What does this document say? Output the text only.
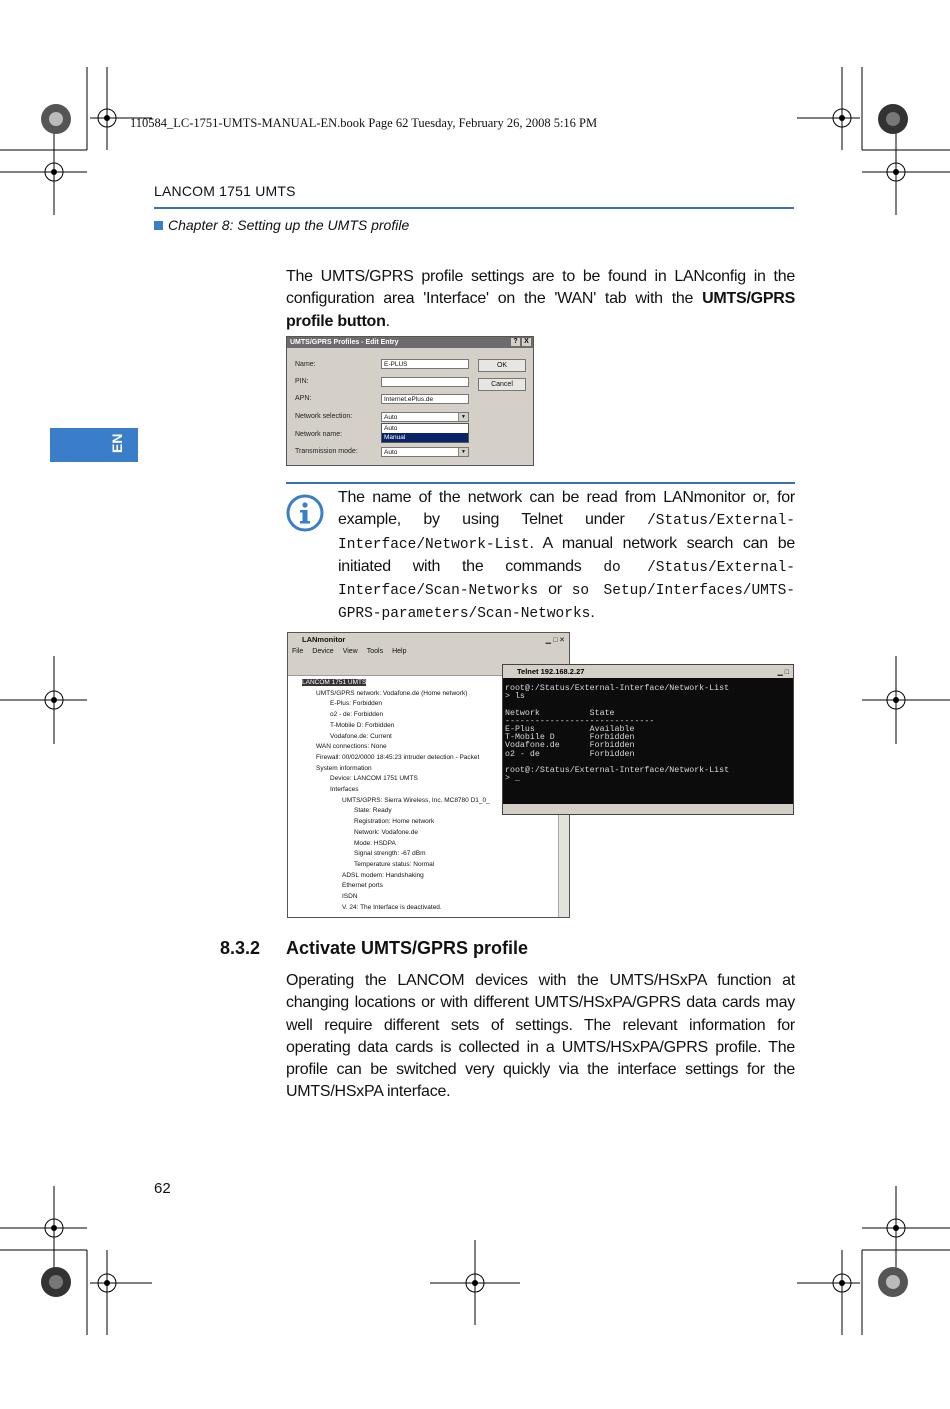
110584_LC-1751-UMTS-MANUAL-EN.book Page 62 Tuesday, February 26, 2008 5:16 PM
LANCOM 1751 UMTS
Chapter 8: Setting up the UMTS profile
EN
The UMTS/GPRS profile settings are to be found in LANconfig in the configuration area 'Interface' on the 'WAN' tab with the UMTS/GPRS profile button.
UMTS/GPRS Profiles - Edit Entry	? X
Name:	E-PLUS
PIN:
APN:	Internet.ePlus.de
Network selection:	Auto	▼
Auto
Manual
Network name:
Transmission mode:	Auto	▼
OK
Cancel
The name of the network can be read from LANmonitor or, for example, by using Telnet under /Status/External-Interface/Network-List. A manual network search can be initiated with the commands do /Status/External-Interface/Scan-Networks or so Setup/Interfaces/UMTS-GPRS-parameters/Scan-Networks.
LANmonitor	▁ □ ✕
File Device View Tools Help
LANCOM 1751 UMTS
UMTS/GPRS network: Vodafone.de (Home network)
E-Plus: Forbidden
o2 - de: Forbidden
T-Mobile D: Forbidden
Vodafone.de: Current
WAN connections: None
Firewall: 00/02/0000 18:45:23 intruder detection - Packet
System information
Device: LANCOM 1751 UMTS
Interfaces
UMTS/GPRS: Sierra Wireless, Inc. MC8780 D1_0_
State: Ready
Registration: Home network
Network: Vodafone.de
Mode: HSDPA
Signal strength: -67 dBm
Temperature status: Normal
ADSL modem: Handshaking
Ethernet ports
ISDN
V. 24: The Interface is deactivated.
Telnet 192.168.2.27	▁ □
root@:/Status/External-Interface/Network-List
> ls

Network          State
------------------------------
E-Plus           Available
T-Mobile D       Forbidden
Vodafone.de      Forbidden
o2 - de          Forbidden

root@:/Status/External-Interface/Network-List
> _
8.3.2 Activate UMTS/GPRS profile
Operating the LANCOM devices with the UMTS/HSxPA function at changing locations or with different UMTS/HSxPA/GPRS data cards may well require different sets of settings. The relevant information for operating data cards is collected in a UMTS/HSxPA/GPRS profile. The profile can be switched very quickly via the interface settings for the UMTS/HSxPA interface.
62
